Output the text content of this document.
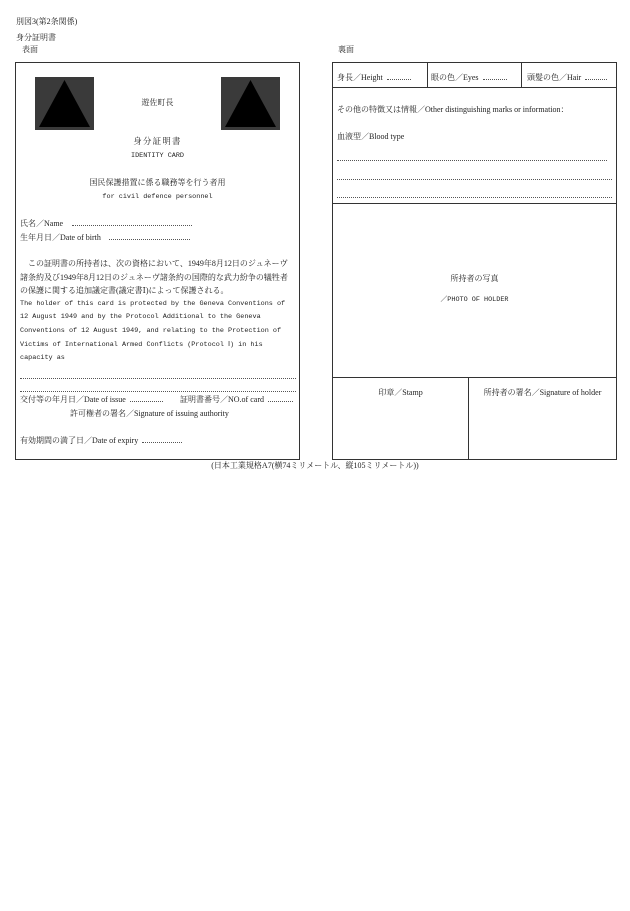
別図3(第2条関係)
身分証明書
表面	裏面
遊佐町長
身分証明書
IDENTITY CARD
国民保護措置に係る職務等を行う者用
for civil defence personnel
氏名／Name
生年月日／Date of birth
この証明書の所持者は、次の資格において、1949年8月12日のジュネーヴ
諸条約及び1949年8月12日のジュネーヴ諸条約の国際的な武力紛争の犠牲者
の保護に関する追加議定書(議定書Ⅰ)によって保護される。
The holder of this card is protected by the Geneva Conventions of
12 August 1949 and by the Protocol Additional to the Geneva
Conventions of 12 August 1949, and relating to the Protection of
Victims of International Armed Conflicts (Protocol Ⅰ) in his
capacity as
交付等の年月日／Date of issue	証明書番号／NO.of card
許可権者の署名／Signature of issuing authority
有効期間の満了日／Date of expiry
身長／Height	眼の色／Eyes	頭髪の色／Hair
その他の特徴又は情報／Other distinguishing marks or information：
血液型／Blood type
所持者の写真
／PHOTO OF HOLDER
印章／Stamp	所持者の署名／Signature of holder
(日本工業規格A7(横74ミリメートル、縦105ミリメートル))
